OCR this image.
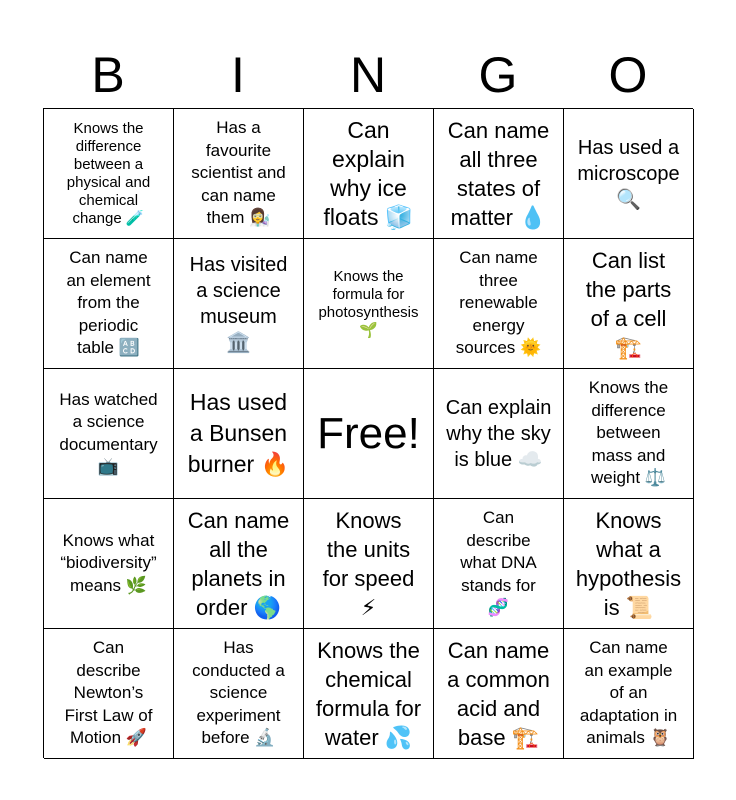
B	I	N	G	O
Knows the
difference
between a
physical and
chemical
change 🧪
Has a
favourite
scientist and
can name
them 👩‍🔬
Can
explain
why ice
floats 🧊
Can name
all three
states of
matter 💧
Has used a
microscope
🔍
Can name
an element
from the
periodic
table 🔠
Has visited
a science
museum
🏛️
Knows the
formula for
photosynthesis
🌱
Can name
three
renewable
energy
sources 🌞
Can list
the parts
of a cell
🏗️
Has watched
a science
documentary
📺
Has used
a Bunsen
burner 🔥
Free!
Can explain
why the sky
is blue ☁️
Knows the
difference
between
mass and
weight ⚖️
Knows what
“biodiversity”
means 🌿
Can name
all the
planets in
order 🌎
Knows
the units
for speed
⚡
Can
describe
what DNA
stands for
🧬
Knows
what a
hypothesis
is 📜
Can
describe
Newton’s
First Law of
Motion 🚀
Has
conducted a
science
experiment
before 🔬
Knows the
chemical
formula for
water 💦
Can name
a common
acid and
base 🏗️
Can name
an example
of an
adaptation in
animals 🦉
